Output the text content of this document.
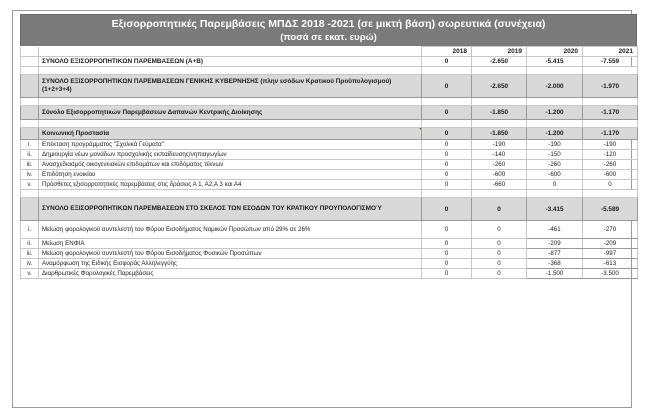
Εξισορροπητικές Παρεμβάσεις ΜΠΔΣ 2018 -2021 (σε μικτή βάση) σωρευτικά (συνέχεια)
(ποσά σε εκατ. ευρώ)
		2018	2019	2020	2021
	ΣΥΝΟΛΟ ΕΞΙΣΟΡΡΟΠΗΤΙΚΩΝ ΠΑΡΕΜΒΑΣΕΩΝ (Α+Β)	0	-2.650	-5.415	-7.559

	ΣΥΝΟΛΟ ΕΞΙΣΟΡΡΟΠΗΤΙΚΩΝ ΠΑΡΕΜΒΑΣΕΩΝ ΓΕΝΙΚΗΣ ΚΥΒΕΡΝΗΣΗΣ (πλην εσόδων Κρατικού Προϋπολογισμού)(1+2+3+4)	0	-2.650	-2.000	-1.970

	Σύνολο Εξισορροπητικών Παρεμβάσεων Δαπανών Κεντρικής Διοίκησης	0	-1.850	-1.200	-1.170

	Κοινωνική Προστασία	0	-1.850	-1.200	-1.170
i.	Επέκταση προγράμματος "Σχολικά Γεύματα"	0	-190	-190	-190
ii.	Δημιουργία νέων μονάδων προσχολικής εκπαίδευσης/νηπιαγωγίων	0	-140	-150	-120
iii.	Ανασχεδιασμός οικογενειακών επιδομάτων και επιδόματος τέκνων	0	-260	-260	-260
iv.	Επιδότηση ενοικίου	0	-600	-600	-600
v.	Πρόσθετες εξισορροπητικές παρεμβάσεις στις δράσεις Α 1, Α2,Α 3 και Α4	0	-660	0	0

	ΣΥΝΟΛΟ ΕΞΙΣΟΡΡΟΠΗΤΙΚΩΝ ΠΑΡΕΜΒΑΣΕΩΝ ΣΤΟ ΣΚΕΛΟΣ ΤΩΝ ΕΣΟΔΩΝ ΤΟΥ ΚΡΑΤΙΚΟΥ ΠΡΟΥΠΟΛΟΓΙΣΜΟΎ	0	0	-3.415	-5.589
i.	Μείωση φορολογικού συντελεστή του Φόρου Εισοδήματος Νομικών Προσώπων από 29% σε 26%	0	0	-461	-270
ii.	Μείωση ΕΝΦΙΑ	0	0	-209	-209
iii.	Μείωση φορολογικού συντελεστή του Φόρου Εισοδήματος Φυσικών Προσώπων	0	0	-877	-997
iv.	Αναμόρφωση της Ειδικής Εισφοράς Αλληλεγγύης	0	0	-368	-613
v.	Διαρθρωτικές Φορολογικές Παρεμβάσεις	0	0	-1.500	-3.500
